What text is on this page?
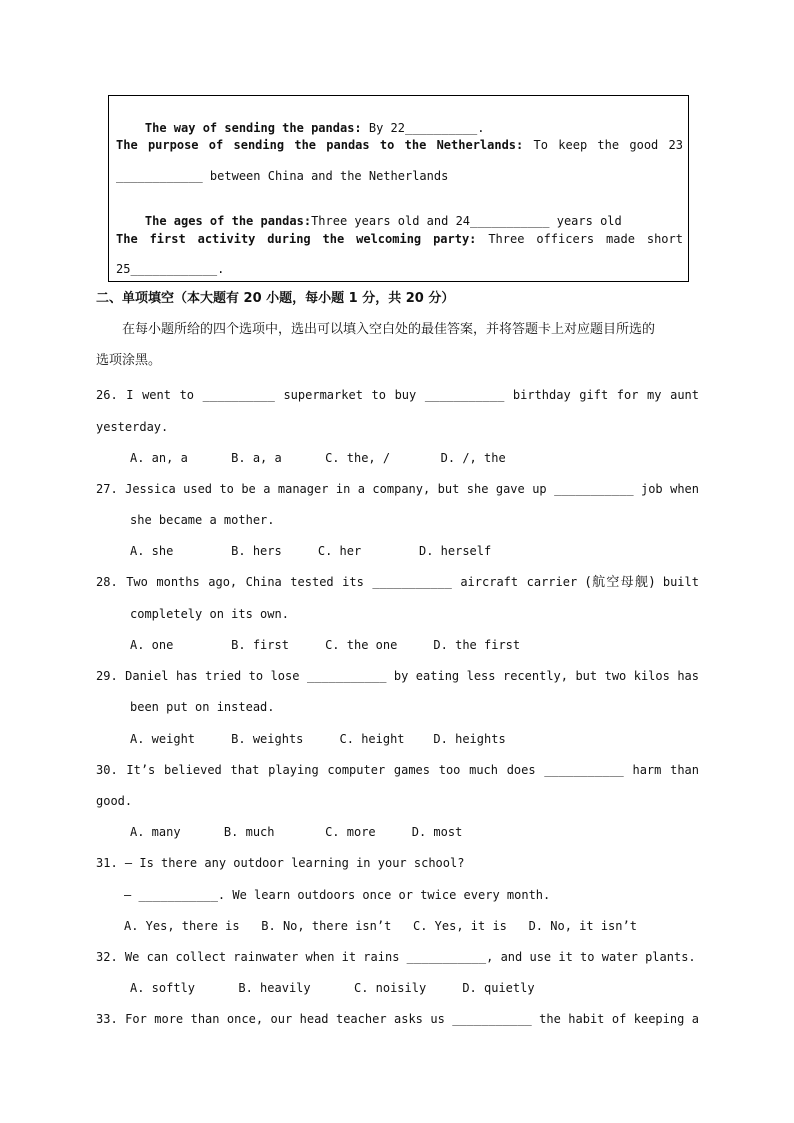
The way of sending the pandas: By 22__________.

The purpose of sending the pandas to the Netherlands: To keep the good 23
____________ between China and the Netherlands

The ages of the pandas:Three years old and 24___________ years old

The first activity during the welcoming party: Three officers made short
25____________.
二、单项填空（本大题有 20 小题，每小题 1 分，共 20 分）
在每小题所给的四个选项中，选出可以填入空白处的最佳答案，并将答题卡上对应题目所选的
选项涂黑。
26. I went to __________ supermarket to buy ___________ birthday gift for my aunt
yesterday.
A. an, a      B. a, a      C. the, /       D. /, the
27. Jessica used to be a manager in a company, but she gave up ___________ job when
she became a mother.
A. she        B. hers     C. her        D. herself
28. Two months ago, China tested its ___________ aircraft carrier (航空母舰) built
completely on its own.
A. one        B. first     C. the one     D. the first
29. Daniel has tried to lose ___________ by eating less recently, but two kilos has
been put on instead.
A. weight     B. weights     C. height    D. heights
30. It’s believed that playing computer games too much does ___________ harm than
good.
A. many      B. much       C. more     D. most
31. — Is there any outdoor learning in your school?
— ___________. We learn outdoors once or twice every month.
A. Yes, there is   B. No, there isn’t   C. Yes, it is   D. No, it isn’t
32. We can collect rainwater when it rains ___________, and use it to water plants.
A. softly      B. heavily      C. noisily     D. quietly
33. For more than once, our head teacher asks us ___________ the habit of keeping a
